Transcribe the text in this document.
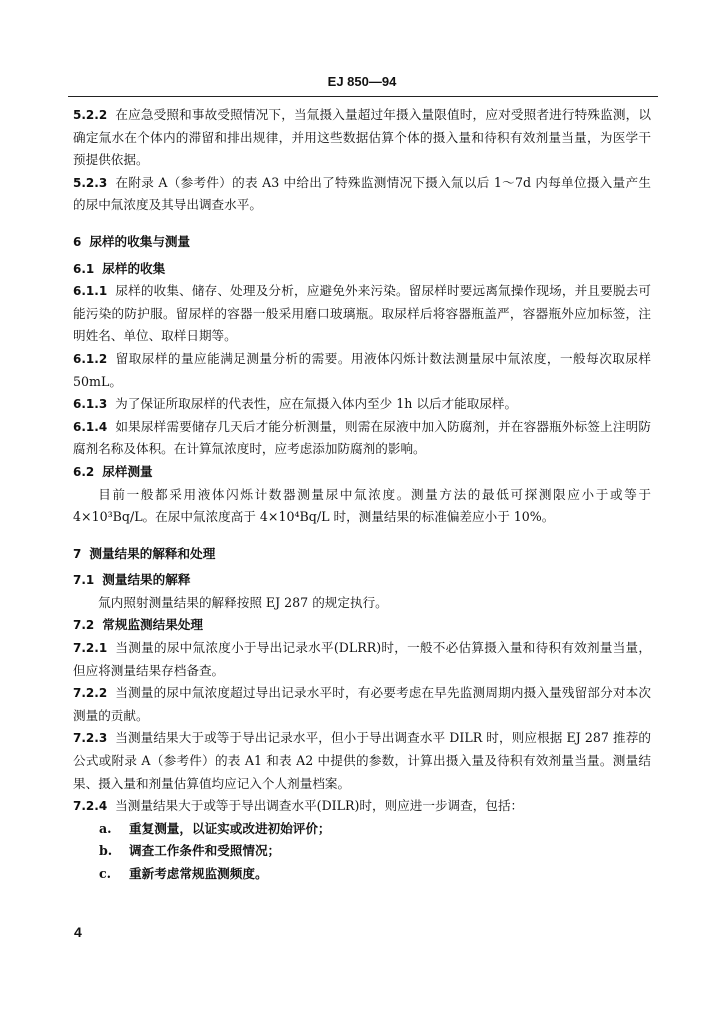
EJ 850—94

5.2.2 在应急受照和事故受照情况下，当氚摄入量超过年摄入量限值时，应对受照者进行特殊监测，以确定氚水在个体内的滞留和排出规律，并用这些数据估算个体的摄入量和待积有效剂量当量，为医学干预提供依据。

5.2.3 在附录 A（参考件）的表 A3 中给出了特殊监测情况下摄入氚以后 1～7d 内每单位摄入量产生的尿中氚浓度及其导出调查水平。

6 尿样的收集与测量

6.1 尿样的收集

6.1.1 尿样的收集、储存、处理及分析，应避免外来污染。留尿样时要远离氚操作现场，并且要脱去可能污染的防护服。留尿样的容器一般采用磨口玻璃瓶。取尿样后将容器瓶盖严，容器瓶外应加标签，注明姓名、单位、取样日期等。

6.1.2 留取尿样的量应能满足测量分析的需要。用液体闪烁计数法测量尿中氚浓度，一般每次取尿样 50mL。

6.1.3 为了保证所取尿样的代表性，应在氚摄入体内至少 1h 以后才能取尿样。

6.1.4 如果尿样需要储存几天后才能分析测量，则需在尿液中加入防腐剂，并在容器瓶外标签上注明防腐剂名称及体积。在计算氚浓度时，应考虑添加防腐剂的影响。

6.2 尿样测量

目前一般都采用液体闪烁计数器测量尿中氚浓度。测量方法的最低可探测限应小于或等于 4×10³Bq/L。在尿中氚浓度高于 4×10⁴Bq/L 时，测量结果的标准偏差应小于 10%。

7 测量结果的解释和处理

7.1 测量结果的解释

氚内照射测量结果的解释按照 EJ 287 的规定执行。

7.2 常规监测结果处理

7.2.1 当测量的尿中氚浓度小于导出记录水平(DLRR)时，一般不必估算摄入量和待积有效剂量当量，但应将测量结果存档备查。

7.2.2 当测量的尿中氚浓度超过导出记录水平时，有必要考虑在早先监测周期内摄入量残留部分对本次测量的贡献。

7.2.3 当测量结果大于或等于导出记录水平，但小于导出调查水平 DILR 时，则应根据 EJ 287 推荐的公式或附录 A（参考件）的表 A1 和表 A2 中提供的参数，计算出摄入量及待积有效剂量当量。测量结果、摄入量和剂量估算值均应记入个人剂量档案。

7.2.4 当测量结果大于或等于导出调查水平(DILR)时，则应进一步调查，包括：

a. 重复测量，以证实或改进初始评价；

b. 调查工作条件和受照情况；

c. 重新考虑常规监测频度。

4
